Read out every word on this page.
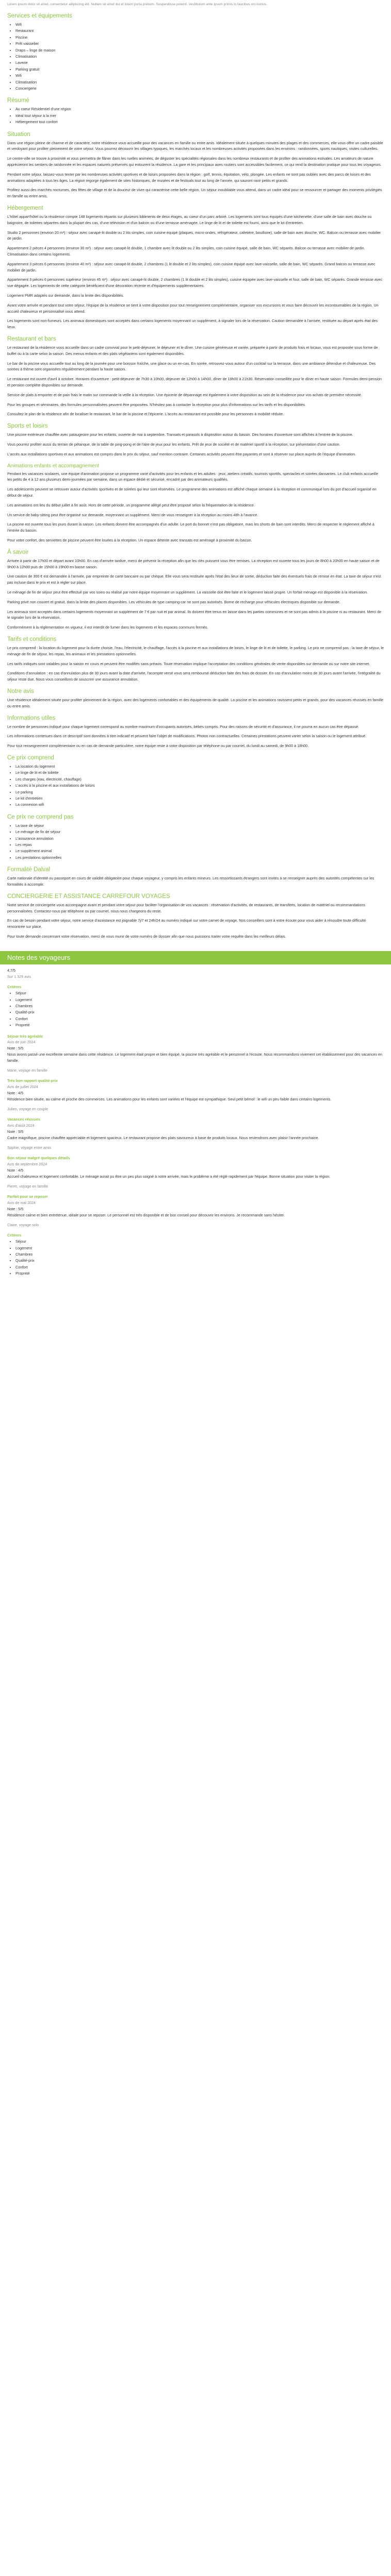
Lorem ipsum dolor sit amet, consectetur adipiscing elit. Nullam sit amet dui et lorem porta pretium. Suspendisse potenti. Vestibulum ante ipsum primis in faucibus orci luctus.
Services et équipements
• Wifi
• Restaurant
• Piscine
• Prêt vaisselier
• Draps – linge de maison
• Climatisation
• Laverie
• Parking gratuit
• Wifi
• Climatisation
• Conciergerie
Résumé
• Au coeur Résidentiel d'une région
• Idéal tout séjour à la mer
• Hébergement tout confort
Situation

Dans une région pleine de charme et de caractère, notre résidence vous accueille pour des vacances en famille ou entre amis. Idéalement située à quelques minutes des plages et des commerces, elle vous offre un cadre paisible et verdoyant pour profiter pleinement de votre séjour. Vous pourrez découvrir les villages typiques, les marchés locaux et les nombreuses activités proposées dans les environs : randonnées, sports nautiques, visites culturelles.

Le centre-ville se trouve à proximité et vous permettra de flâner dans les ruelles animées, de déguster les spécialités régionales dans les nombreux restaurants et de profiter des animations estivales. Les amateurs de nature apprécieront les sentiers de randonnée et les espaces naturels préservés qui entourent la résidence. La gare et les principaux axes routiers sont accessibles facilement, ce qui rend la destination pratique pour tous les voyageurs.

Pendant votre séjour, laissez-vous tenter par les nombreuses activités sportives et de loisirs proposées dans la région : golf, tennis, équitation, vélo, plongée. Les enfants ne sont pas oubliés avec des parcs de loisirs et des animations adaptées à tous les âges. La région regorge également de sites historiques, de musées et de festivals tout au long de l'année, qui sauront ravir petits et grands.

Profitez aussi des marchés nocturnes, des fêtes de village et de la douceur de vivre qui caractérise cette belle région. Un séjour inoubliable vous attend, dans un cadre idéal pour se ressourcer et partager des moments privilégiés en famille ou entre amis.

Hébergement

L'hôtel appart'hôtel ou la résidence compte 148 logements répartis sur plusieurs bâtiments de deux étages, au coeur d'un parc arboré. Les logements sont tous équipés d'une kitchenette, d'une salle de bain avec douche ou baignoire, de toilettes séparées dans la plupart des cas, d'une télévision et d'un balcon ou d'une terrasse aménagée. Le linge de lit et de toilette est fourni, ainsi que le kit d'entretien.

Studio 2 personnes (environ 20 m²) : séjour avec canapé-lit double ou 2 lits simples, coin cuisine équipé (plaques, micro-ondes, réfrigérateur, cafetière, bouilloire), salle de bain avec douche, WC. Balcon ou terrasse avec mobilier de jardin.

Appartement 2 pièces 4 personnes (environ 30 m²) : séjour avec canapé-lit double, 1 chambre avec lit double ou 2 lits simples, coin cuisine équipé, salle de bain, WC séparés. Balcon ou terrasse avec mobilier de jardin. Climatisation dans certains logements.

Appartement 3 pièces 6 personnes (environ 40 m²) : séjour avec canapé-lit double, 2 chambres (1 lit double et 2 lits simples), coin cuisine équipé avec lave-vaisselle, salle de bain, WC séparés. Grand balcon ou terrasse avec mobilier de jardin.

Appartement 3 pièces 6 personnes supérieur (environ 45 m²) : séjour avec canapé-lit double, 2 chambres (1 lit double et 2 lits simples), cuisine équipée avec lave-vaisselle et four, salle de bain, WC séparés. Grande terrasse avec vue dégagée. Les logements de cette catégorie bénéficient d'une décoration récente et d'équipements supplémentaires.

Logement PMR adaptés sur demande, dans la limite des disponibilités.

Avant votre arrivée et pendant tout votre séjour, l'équipe de la résidence se tient à votre disposition pour tout renseignement complémentaire, organiser vos excursions et vous faire découvrir les incontournables de la région. Un accueil chaleureux et personnalisé vous attend.

Les logements sont non-fumeurs. Les animaux domestiques sont acceptés dans certains logements moyennant un supplément, à signaler lors de la réservation. Caution demandée à l'arrivée, restituée au départ après état des lieux.

Restaurant et bars

Le restaurant de la résidence vous accueille dans un cadre convivial pour le petit-déjeuner, le déjeuner et le dîner. Une cuisine généreuse et variée, préparée à partir de produits frais et locaux, vous est proposée sous forme de buffet ou à la carte selon la saison. Des menus enfants et des plats végétariens sont également disponibles.

Le bar de la piscine vous accueille tout au long de la journée pour une boisson fraîche, une glace ou un en-cas. En soirée, retrouvez-vous autour d'un cocktail sur la terrasse, dans une ambiance détendue et chaleureuse. Des soirées à thème sont organisées régulièrement pendant la haute saison.

Le restaurant est ouvert d'avril à octobre. Horaires d'ouverture : petit-déjeuner de 7h30 à 10h00, déjeuner de 12h00 à 14h00, dîner de 19h00 à 21h30. Réservation conseillée pour le dîner en haute saison. Formules demi-pension et pension complète disponibles sur demande.

Service de plats à emporter et de pain frais le matin sur commande la veille à la réception. Une épicerie de dépannage est également à votre disposition au sein de la résidence pour vos achats de première nécessité.

Pour les groupes et séminaires, des formules personnalisées peuvent être proposées. N'hésitez pas à contacter la réception pour plus d'informations sur les tarifs et les disponibilités.

Consultez le plan de la résidence afin de localiser le restaurant, le bar de la piscine et l'épicerie. L'accès au restaurant est possible pour les personnes à mobilité réduite.

Sports et loisirs

Une piscine extérieure chauffée avec pataugeoire pour les enfants, ouverte de mai à septembre. Transats et parasols à disposition autour du bassin. Des horaires d'ouverture sont affichés à l'entrée de la piscine.

Vous pourrez profiter aussi du terrain de pétanque, de la table de ping-pong et de l'aire de jeux pour les enfants. Prêt de jeux de société et de matériel sportif à la réception, sur présentation d'une caution.

L'accès aux installations sportives et aux animations est compris dans le prix du séjour, sauf mention contraire. Certaines activités peuvent être payantes et sont à réserver sur place auprès de l'équipe d'animation.

Animations enfants et accompagnement

Pendant les vacances scolaires, une équipe d'animation propose un programme varié d'activités pour les enfants et les adultes : jeux, ateliers créatifs, tournois sportifs, spectacles et soirées dansantes. Le club enfants accueille les petits de 4 à 12 ans plusieurs demi-journées par semaine, dans un espace dédié et sécurisé, encadré par des animateurs qualifiés.

Les adolescents peuvent se retrouver autour d'activités sportives et de soirées qui leur sont réservées. Le programme des animations est affiché chaque semaine à la réception et communiqué lors du pot d'accueil organisé en début de séjour.

Les animations ont lieu du début juillet à fin août. Hors de cette période, un programme allégé peut être proposé selon la fréquentation de la résidence.

Un service de baby-sitting peut être organisé sur demande, moyennant un supplément. Merci de vous renseigner à la réception au moins 48h à l'avance.

La piscine est ouverte tous les jours durant la saison. Les enfants doivent être accompagnés d'un adulte. Le port du bonnet n'est pas obligatoire, mais les shorts de bain sont interdits. Merci de respecter le règlement affiché à l'entrée du bassin.

Pour votre confort, des serviettes de piscine peuvent être louées à la réception. Un espace détente avec transats est aménagé à proximité du bassin.

À savoir

Arrivée à partir de 17h00 et départ avant 10h00. En cas d'arrivée tardive, merci de prévenir la réception afin que les clés puissent vous être remises. La réception est ouverte tous les jours de 8h00 à 20h00 en haute saison et de 9h00 à 12h00 puis de 15h00 à 19h00 en basse saison.

Une caution de 300 € est demandée à l'arrivée, par empreinte de carte bancaire ou par chèque. Elle vous sera restituée après l'état des lieux de sortie, déduction faite des éventuels frais de remise en état. La taxe de séjour n'est pas incluse dans le prix et est à régler sur place.

Le ménage de fin de séjour peut être effectué par vos soins ou réalisé par notre équipe moyennant un supplément. La vaisselle doit être faite et le logement laissé propre. Un forfait ménage est disponible à la réservation.

Parking privé non couvert et gratuit, dans la limite des places disponibles. Les véhicules de type camping-car ne sont pas autorisés. Borne de recharge pour véhicules électriques disponible sur demande.

Les animaux sont acceptés dans certains logements moyennant un supplément de 7 € par nuit et par animal. Ils doivent être tenus en laisse dans les parties communes et ne sont pas admis à la piscine ni au restaurant. Merci de le signaler lors de la réservation.

Conformément à la réglementation en vigueur, il est interdit de fumer dans les logements et les espaces communs fermés.

Tarifs et conditions

Le prix comprend : la location du logement pour la durée choisie, l'eau, l'électricité, le chauffage, l'accès à la piscine et aux installations de loisirs, le linge de lit et de toilette, le parking. Le prix ne comprend pas : la taxe de séjour, le ménage de fin de séjour, les repas, les animaux et les prestations optionnelles.

Les tarifs indiqués sont valables pour la saison en cours et peuvent être modifiés sans préavis. Toute réservation implique l'acceptation des conditions générales de vente disponibles sur demande ou sur notre site internet.

Conditions d'annulation : en cas d'annulation plus de 30 jours avant la date d'arrivée, l'acompte versé vous sera remboursé déduction faite des frais de dossier. En cas d'annulation moins de 30 jours avant l'arrivée, l'intégralité du séjour reste due. Nous vous conseillons de souscrire une assurance annulation.

Notre avis

Une résidence idéalement située pour profiter pleinement de la région, avec des logements confortables et des équipements de qualité. La piscine et les animations ravissent petits et grands, pour des vacances réussies en famille ou entre amis.

Informations utiles

Le nombre de personnes indiqué pour chaque logement correspond au nombre maximum d'occupants autorisés, bébés compris. Pour des raisons de sécurité et d'assurance, il ne pourra en aucun cas être dépassé.

Les informations contenues dans ce descriptif sont données à titre indicatif et peuvent faire l'objet de modifications. Photos non contractuelles. Certaines prestations peuvent varier selon la saison ou le logement attribué.

Pour tout renseignement complémentaire ou en cas de demande particulière, notre équipe reste à votre disposition par téléphone ou par courriel, du lundi au samedi, de 9h00 à 18h00.

Ce prix comprend
• La location du logement
• Le linge de lit et de toilette
• Les charges (eau, électricité, chauffage)
• L'accès à la piscine et aux installations de loisirs
• Le parking
• Le kit d'entretien
• La connexion wifi
Ce prix ne comprend pas
• La taxe de séjour
• Le ménage de fin de séjour
• L'assurance annulation
• Les repas
• Le supplément animal
• Les prestations optionnelles
Formalité Dalval

Carte nationale d'identité ou passeport en cours de validité obligatoire pour chaque voyageur, y compris les enfants mineurs. Les ressortissants étrangers sont invités à se renseigner auprès des autorités compétentes sur les formalités à accomplir.

CONCIERGERIE ET ASSISTANCE CARREFOUR VOYAGES

Notre service de conciergerie vous accompagne avant et pendant votre séjour pour faciliter l'organisation de vos vacances : réservation d'activités, de restaurants, de transferts, location de matériel ou recommandations personnalisées. Contactez-nous par téléphone ou par courriel, nous nous chargeons du reste.

En cas de besoin pendant votre séjour, notre service d'assistance est joignable 7j/7 et 24h/24 au numéro indiqué sur votre carnet de voyage. Nos conseillers sont à votre écoute pour vous aider à résoudre toute difficulté rencontrée sur place.

Pour toute demande concernant votre réservation, merci de vous munir de votre numéro de dossier afin que nous puissions traiter votre requête dans les meilleurs délais.

Notes des voyageurs
4,7/5
Sur 1 329 avis
Critères
• Séjour
• Logement
• Chambres
• Qualité-prix
• Confort
• Propreté
Séjour très agréable
Avis de juin 2024
Note : 5/5

Nous avons passé une excellente semaine dans cette résidence. Le logement était propre et bien équipé, la piscine très agréable et le personnel à l'écoute. Nous recommandons vivement cet établissement pour des vacances en famille.

Marie, voyage en famille
Très bon rapport qualité-prix
Avis de juillet 2024
Note : 4/5

Résidence bien située, au calme et proche des commerces. Les animations pour les enfants sont variées et l'équipe est sympathique. Seul petit bémol : le wifi un peu faible dans certains logements.

Julien, voyage en couple
Vacances réussies
Avis d'août 2024
Note : 5/5

Cadre magnifique, piscine chauffée appréciable et logement spacieux. Le restaurant propose des plats savoureux à base de produits locaux. Nous reviendrons avec plaisir l'année prochaine.

Sophie, voyage entre amis
Bon séjour malgré quelques détails
Avis de septembre 2024
Note : 4/5

Accueil chaleureux et logement confortable. Le ménage aurait pu être un peu plus soigné à notre arrivée, mais le problème a été réglé rapidement par l'équipe. Bonne situation pour visiter la région.

Pierre, voyage en famille
Parfait pour se reposer
Avis de mai 2024
Note : 5/5

Résidence calme et bien entretenue, idéale pour se reposer. Le personnel est très disponible et de bon conseil pour découvrir les environs. Je recommande sans hésiter.

Claire, voyage solo
Critères
• Séjour
• Logement
• Chambres
• Qualité-prix
• Confort
• Propreté
